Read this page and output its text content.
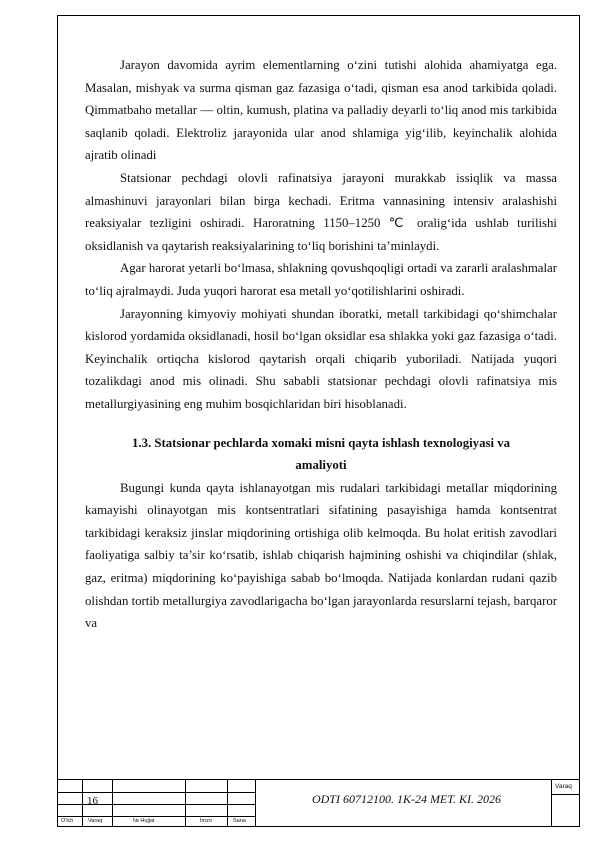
Jarayon davomida ayrim elementlarning o‘zini tutishi alohida ahamiyatga ega. Masalan, mishyak va surma qisman gaz fazasiga o‘tadi, qisman esa anod tarkibida qoladi. Qimmatbaho metallar — oltin, kumush, platina va palladiy deyarli to‘liq anod mis tarkibida saqlanib qoladi. Elektroliz jarayonida ular anod shlamiga yig‘ilib, keyinchalik alohida ajratib olinadi

Statsionar pechdagi olovli rafinatsiya jarayoni murakkab issiqlik va massa almashinuvi jarayonlari bilan birga kechadi. Eritma vannasining intensiv aralashishi reaksiyalar tezligini oshiradi. Haroratning 1150–1250 ℃ oralig‘ida ushlab turilishi oksidlanish va qaytarish reaksiyalarining to‘liq borishini ta’minlaydi.

Agar harorat yetarli bo‘lmasa, shlakning qovushqoqligi ortadi va zararli aralashmalar to‘liq ajralmaydi. Juda yuqori harorat esa metall yo‘qotilishlarini oshiradi.

Jarayonning kimyoviy mohiyati shundan iboratki, metall tarkibidagi qo‘shimchalar kislorod yordamida oksidlanadi, hosil bo‘lgan oksidlar esa shlakka yoki gaz fazasiga o‘tadi. Keyinchalik ortiqcha kislorod qaytarish orqali chiqarib yuboriladi. Natijada yuqori tozalikdagi anod mis olinadi. Shu sababli statsionar pechdagi olovli rafinatsiya mis metallurgiyasining eng muhim bosqichlaridan biri hisoblanadi.

1.3. Statsionar pechlarda xomaki misni qayta ishlash texnologiyasi va
amaliyoti

Bugungi kunda qayta ishlanayotgan mis rudalari tarkibidagi metallar miqdorining kamayishi olinayotgan mis kontsentratlari sifatining pasayishiga hamda kontsentrat tarkibidagi keraksiz jinslar miqdorining ortishiga olib kelmoqda. Bu holat eritish zavodlari faoliyatiga salbiy ta’sir ko‘rsatib, ishlab chiqarish hajmining oshishi va chiqindilar (shlak, gaz, eritma) miqdorining ko‘payishiga sabab bo‘lmoqda. Natijada konlardan rudani qazib olishdan tortib metallurgiya zavodlarigacha bo‘lgan jarayonlarda resurslarni tejash, barqaror va

16	ODTI 60712100. 1K-24 MET. KI. 2026
Varaq
O'lch	Varaq	№ Hujjat	Imzo	Sana
